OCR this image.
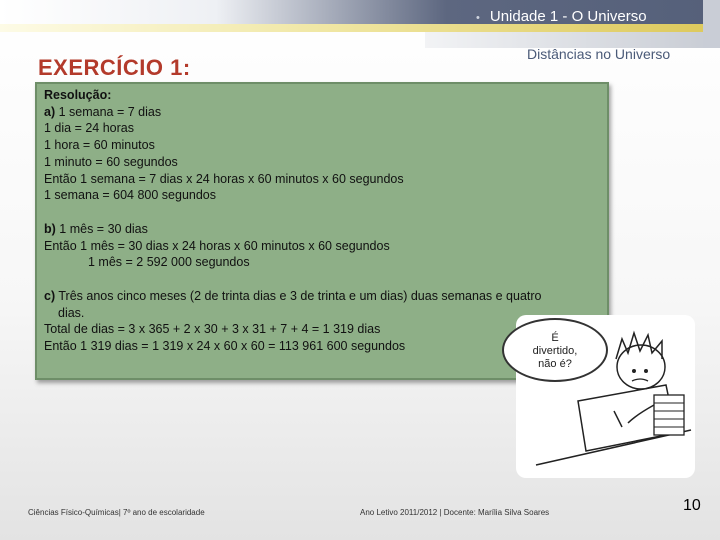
• Unidade 1 - O Universo
Distâncias no Universo
EXERCÍCIO 1:
Resolução:
a) 1 semana = 7 dias
1 dia = 24 horas
1 hora = 60 minutos
1 minuto = 60 segundos
Então 1 semana = 7 dias x 24 horas x 60 minutos x 60 segundos
1 semana = 604 800 segundos
b) 1 mês = 30 dias
Então 1 mês = 30 dias x 24 horas x 60 minutos x 60 segundos
1 mês = 2 592 000 segundos
c) Três anos cinco meses (2 de trinta dias e 3 de trinta e um dias) duas semanas e quatro
dias.
Total de dias = 3 x 365 + 2 x 30 + 3 x 31 + 7 + 4 = 1 319 dias
Então 1 319 dias = 1 319 x 24 x 60 x 60 = 113 961 600 segundos
É
divertido,
não é?
Ciências Físico-Químicas| 7º ano de escolaridade	Ano Letivo 2011/2012 | Docente: Marília Silva Soares	10
